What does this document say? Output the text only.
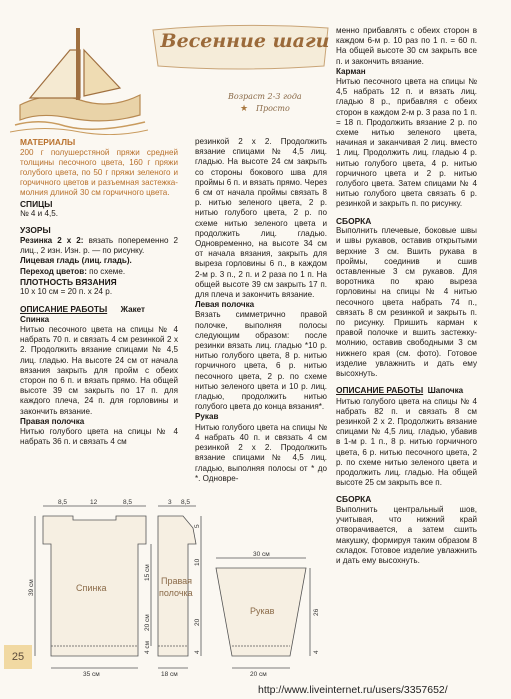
Весенние шаги
Возраст 2-3 года
★ Просто

МАТЕРИАЛЫ

200 г полушерстяной пряжи средней толщины песочного цвета, 160 г пряжи голубого цвета, по 50 г пряжи зеленого и горчичного цветов и разъемная застежка-молния длиной 30 см горчичного цвета.

СПИЦЫ

№ 4 и 4,5.

УЗОРЫ

Резинка 2 х 2: вязать попеременно 2 лиц., 2 изн. Изн. р. — по рисунку.

Лицевая гладь (лиц. гладь).

Переход цветов: по схеме.

ПЛОТНОСТЬ ВЯЗАНИЯ

10 х 10 см = 20 п. х 24 р.

ОПИСАНИЕ РАБОТЫ Жакет

Спинка

Нитью песочного цвета на спицы № 4 набрать 70 п. и связать 4 см резинкой 2 х 2. Продолжить вязание спицами № 4,5 лиц. гладью. На высоте 24 см от начала вязания закрыть для пройм с обеих сторон по 6 п. и вязать прямо. На общей высоте 39 см закрыть по 17 п. для каждого плеча, 24 п. для горловины и закончить вязание.

Правая полочка

Нитью голубого цвета на спицы № 4 набрать 36 п. и связать 4 см

резинкой 2 х 2. Продолжить вязание спицами № 4,5 лиц. гладью. На высоте 24 см закрыть со стороны бокового шва для проймы 6 п. и вязать прямо. Через 6 см от начала проймы связать 8 р. нитью зеленого цвета, 2 р. нитью голубого цвета, 2 р. по схеме нитью зеленого цвета и продолжить лиц. гладью. Одновременно, на высоте 34 см от начала вязания, закрыть для выреза горловины 6 п., в каждом 2-м р. 3 п., 2 п. и 2 раза по 1 п. На общей высоте 39 см закрыть 17 п. для плеча и закончить вязание.

Левая полочка

Вязать симметрично правой полочке, выполняя полосы следующим образом: после резинки вязать лиц. гладью *10 р. нитью голубого цвета, 8 р. нитью горчичного цвета, 6 р. нитью песочного цвета, 2 р. по схеме нитью зеленого цвета и 10 р. лиц. гладью, продолжить нитью голубого цвета до конца вязания*.

Рукав

Нитью голубого цвета на спицы № 4 набрать 40 п. и связать 4 см резинкой 2 х 2. Продолжить вязание спицами № 4,5 лиц. гладью, выполняя полосы от * до *. Одновре-

менно прибавлять с обеих сторон в каждом 6-м р. 10 раз по 1 п. = 60 п. На общей высоте 30 см закрыть все п. и закончить вязание.

Карман

Нитью песочного цвета на спицы № 4,5 набрать 12 п. и вязать лиц. гладью 8 р., прибавляя с обеих сторон в каждом 2-м р. 3 раза по 1 п. = 18 п. Продолжить вязание 2 р. по схеме нитью зеленого цвета, начиная и заканчивая 2 лиц. вместо 1 лиц. Продолжить лиц. гладью 4 р. нитью голубого цвета, 4 р. нитью горчичного цвета и 2 р. нитью голубого цвета. Затем спицами № 4 нитью голубого цвета связать 6 р. резинкой и закрыть п. по рисунку.

СБОРКА

Выполнить плечевые, боковые швы и швы рукавов, оставив открытыми верхние 3 см. Вшить рукава в проймы, соединив и сшив оставленные 3 см рукавов. Для воротника по краю выреза горловины на спицы № 4 нитью песочного цвета набрать 74 п., связать 8 см резинкой и закрыть п. по рисунку. Пришить карман к правой полочке и вшить застежку-молнию, оставив свободными 3 см нижнего края (см. фото). Готовое изделие увлажнить и дать ему высохнуть.

ОПИСАНИЕ РАБОТЫ Шапочка

Нитью голубого цвета на спицы № 4 набрать 82 п. и связать 8 см резинкой 2 х 2. Продолжить вязание спицами № 4,5 лиц. гладью, убавив в 1-м р. 1 п., 8 р. нитью горчичного цвета, 6 р. нитью песочного цвета, 2 р. по схеме нитью зеленого цвета и продолжить лиц. гладью. На общей высоте 25 см закрыть все п.

СБОРКА

Выполнить центральный шов, учитывая, что нижний край отворачивается, а затем сшить макушку, формируя таким образом 8 складок. Готовое изделие увлажнить и дать ему высохнуть.

8,5	12	8,5	3 8,5
35 см	18 см
30 см
20 см
39 см
15 см
20 см
4 см
5
10
20
4
26
4
Спинка
Правая
полочка
Рукав
25
http://www.liveinternet.ru/users/3357652/
